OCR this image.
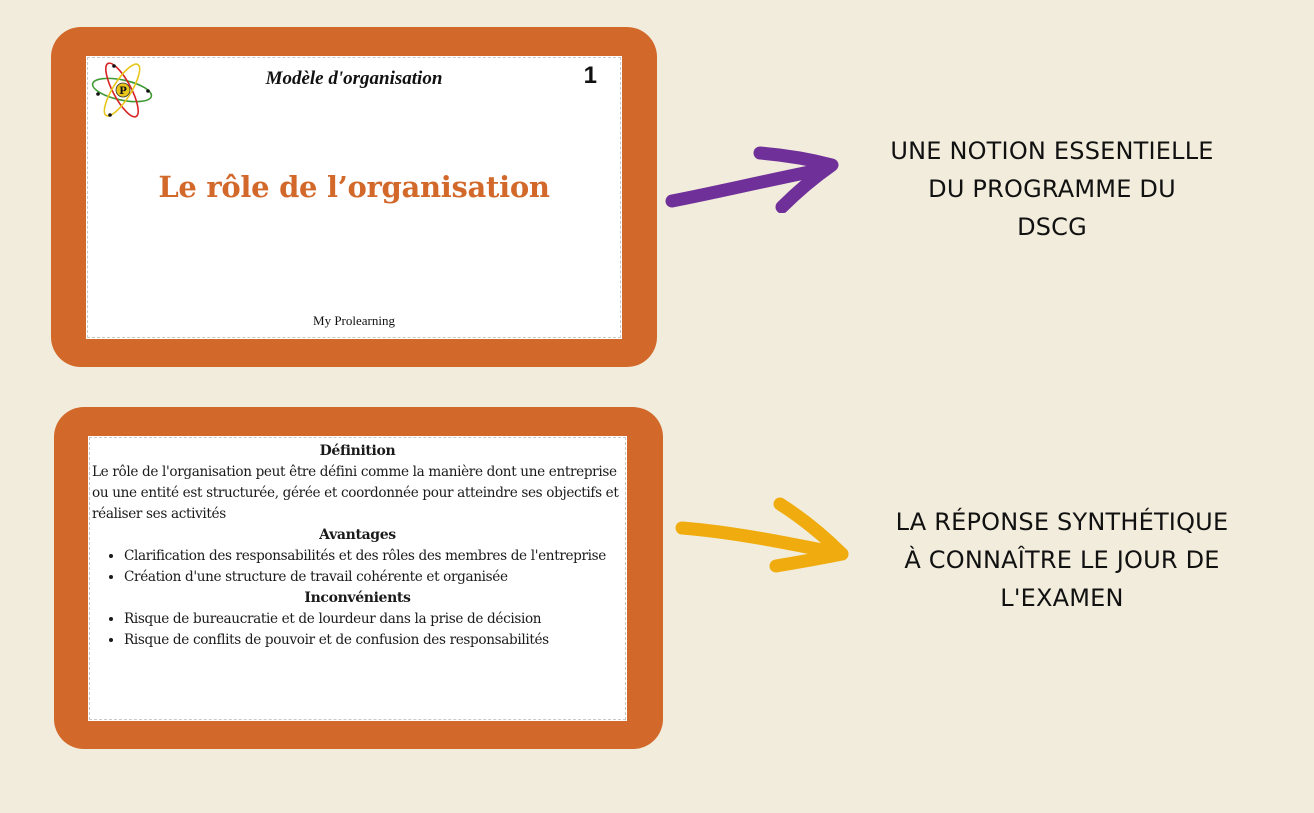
P
Modèle d'organisation	1
Le rôle de l’organisation
My Prolearning
UNE NOTION ESSENTIELLE
DU PROGRAMME DU
DSCG
Définition

Le rôle de l'organisation peut être défini comme la manière dont une entreprise ou une entité est structurée, gérée et coordonnée pour atteindre ses objectifs et réaliser ses activités

Avantages
• Clarification des responsabilités et des rôles des membres de l'entreprise
• Création d'une structure de travail cohérente et organisée
Inconvénients
• Risque de bureaucratie et de lourdeur dans la prise de décision
• Risque de conflits de pouvoir et de confusion des responsabilités
LA RÉPONSE SYNTHÉTIQUE
À CONNAÎTRE LE JOUR DE
L'EXAMEN
